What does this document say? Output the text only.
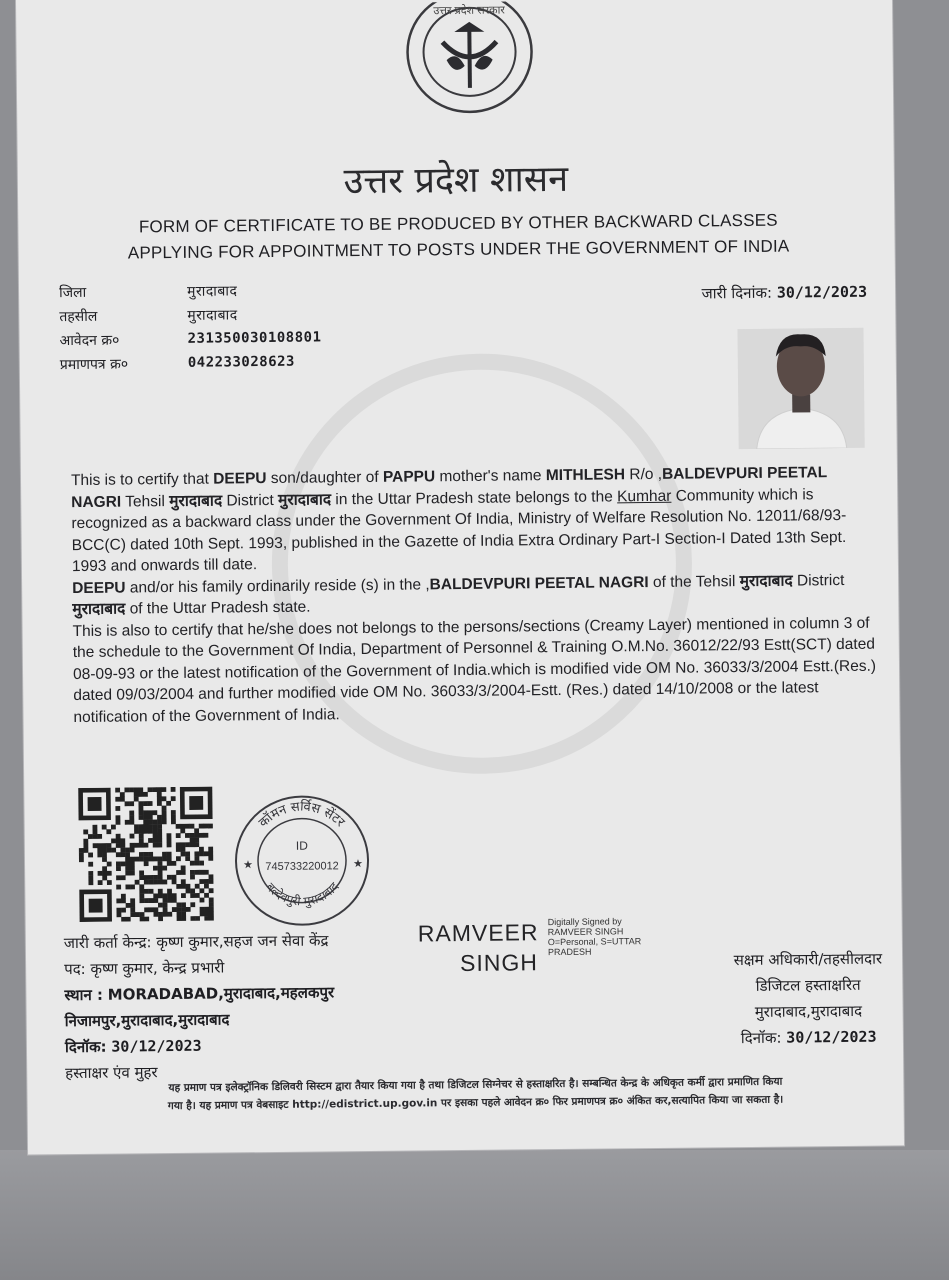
उत्तर प्रदेश सरकार
उत्तर प्रदेश शासन
FORM OF CERTIFICATE TO BE PRODUCED BY OTHER BACKWARD CLASSES
APPLYING FOR APPOINTMENT TO POSTS UNDER THE GOVERNMENT OF INDIA
जिला	मुरादाबाद
तहसील	मुरादाबाद
आवेदन क्र०	231350030108801
प्रमाणपत्र क्र०	042233028623
जारी दिनांक: 30/12/2023

This is to certify that DEEPU son/daughter of PAPPU mother's name MITHLESH R/o ,BALDEVPURI PEETAL NAGRI Tehsil मुरादाबाद District मुरादाबाद in the Uttar Pradesh state belongs to the Kumhar Community which is recognized as a backward class under the Government Of India, Ministry of Welfare Resolution No. 12011/68/93-BCC(C) dated 10th Sept. 1993, published in the Gazette of India Extra Ordinary Part-I Section-I Dated 13th Sept. 1993 and onwards till date.

DEEPU and/or his family ordinarily reside (s) in the ,BALDEVPURI PEETAL NAGRI of the Tehsil मुरादाबाद District मुरादाबाद of the Uttar Pradesh state.

This is also to certify that he/she does not belongs to the persons/sections (Creamy Layer) mentioned in column 3 of the schedule to the Government Of India, Department of Personnel & Training O.M.No. 36012/22/93 Estt(SCT) dated 08-09-93 or the latest notification of the Government of India.which is modified vide OM No. 36033/3/2004 Estt.(Res.) dated 09/03/2004 and further modified vide OM No. 36033/3/2004-Estt. (Res.) dated 14/10/2008 or the latest notification of the Government of India.

कॉमन सर्विस सेंटर
बल्देवपुरी मुरादाबाद
ID
745733220012
★	★
जारी कर्ता केन्द्र: कृष्ण कुमार,सहज जन सेवा केंद्र
पद: कृष्ण कुमार, केन्द्र प्रभारी
स्थान : MORADABAD,मुरादाबाद,महलकपुर
निजामपुर,मुरादाबाद,मुरादाबाद
दिनॉक: 30/12/2023
हस्ताक्षर एंव मुहर
RAMVEER
SINGH
Digitally Signed by
RAMVEER SINGH
O=Personal, S=UTTAR
PRADESH	सक्षम अधिकारी/तहसीलदार
डिजिटल हस्ताक्षरित
मुरादाबाद,मुरादाबाद
दिनॉक: 30/12/2023
यह प्रमाण पत्र इलेक्ट्रॉनिक डिलिवरी सिस्टम द्वारा तैयार किया गया है तथा डिजिटल सिग्नेचर से हस्ताक्षरित है। सम्बन्धित केन्द्र के अधिकृत कर्मी द्वारा प्रमाणित किया
गया है। यह प्रमाण पत्र वेबसाइट http://edistrict.up.gov.in पर इसका पहले आवेदन क्र० फिर प्रमाणपत्र क्र० अंकित कर,सत्यापित किया जा सकता है।
